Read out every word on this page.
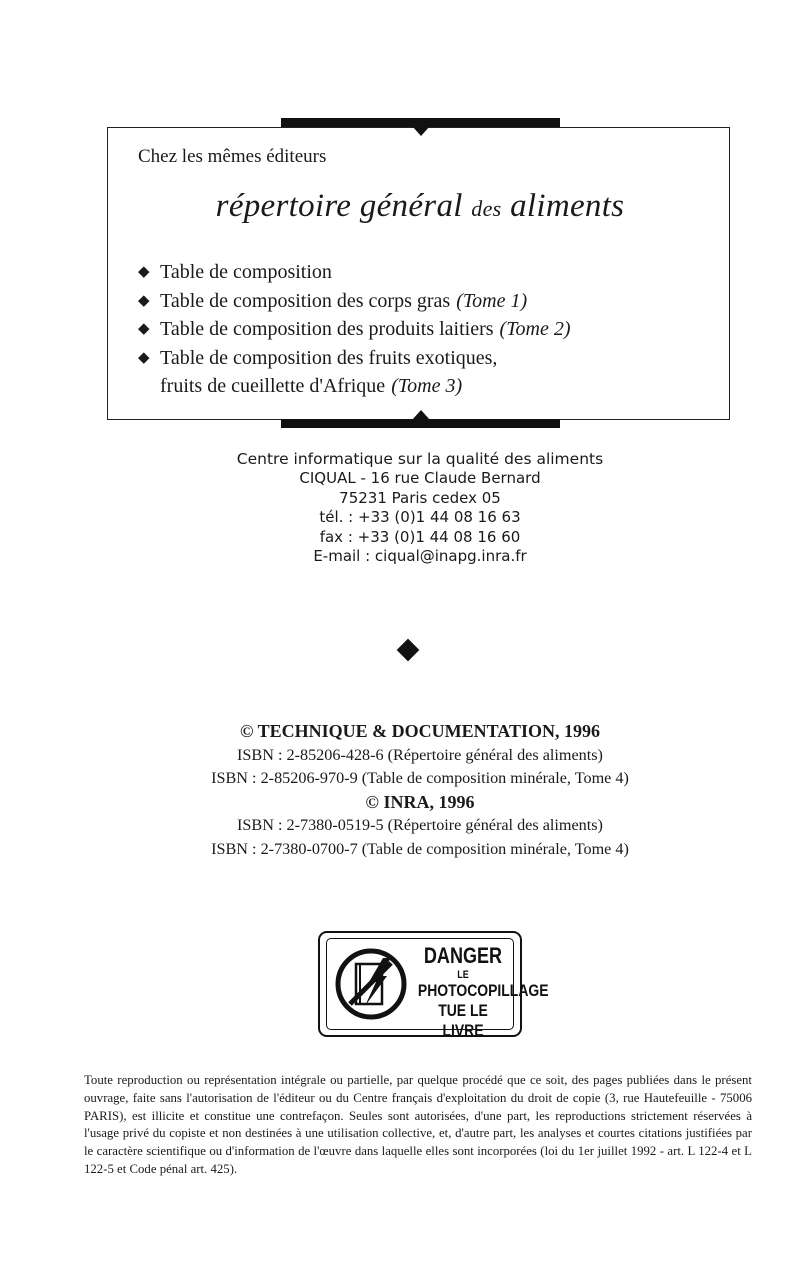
Chez les mêmes éditeurs
répertoire général des aliments
◆ Table de composition
◆ Table de composition des corps gras (Tome 1)
◆ Table de composition des produits laitiers (Tome 2)
◆ Table de composition des fruits exotiques,
fruits de cueillette d'Afrique (Tome 3)
Centre informatique sur la qualité des aliments
CIQUAL - 16 rue Claude Bernard
75231 Paris cedex 05
tél. : +33 (0)1 44 08 16 63
fax : +33 (0)1 44 08 16 60
E-mail : ciqual@inapg.inra.fr
© TECHNIQUE & DOCUMENTATION, 1996
ISBN : 2-85206-428-6 (Répertoire général des aliments)
ISBN : 2-85206-970-9 (Table de composition minérale, Tome 4)
© INRA, 1996
ISBN : 2-7380-0519-5 (Répertoire général des aliments)
ISBN : 2-7380-0700-7 (Table de composition minérale, Tome 4)
DANGER
LE
PHOTOCOPILLAGE
TUE LE LIVRE

Toute reproduction ou représentation intégrale ou partielle, par quelque procédé que ce soit, des pages publiées dans le présent ouvrage, faite sans l'autorisation de l'éditeur ou du Centre français d'exploitation du droit de copie (3, rue Hautefeuille - 75006 PARIS), est illicite et constitue une contrefaçon. Seules sont autorisées, d'une part, les reproductions strictement réservées à l'usage privé du copiste et non destinées à une utilisation collective, et, d'autre part, les analyses et courtes citations justifiées par le caractère scientifique ou d'information de l'œuvre dans laquelle elles sont incorporées (loi du 1er juillet 1992 - art. L 122-4 et L 122-5 et Code pénal art. 425).
